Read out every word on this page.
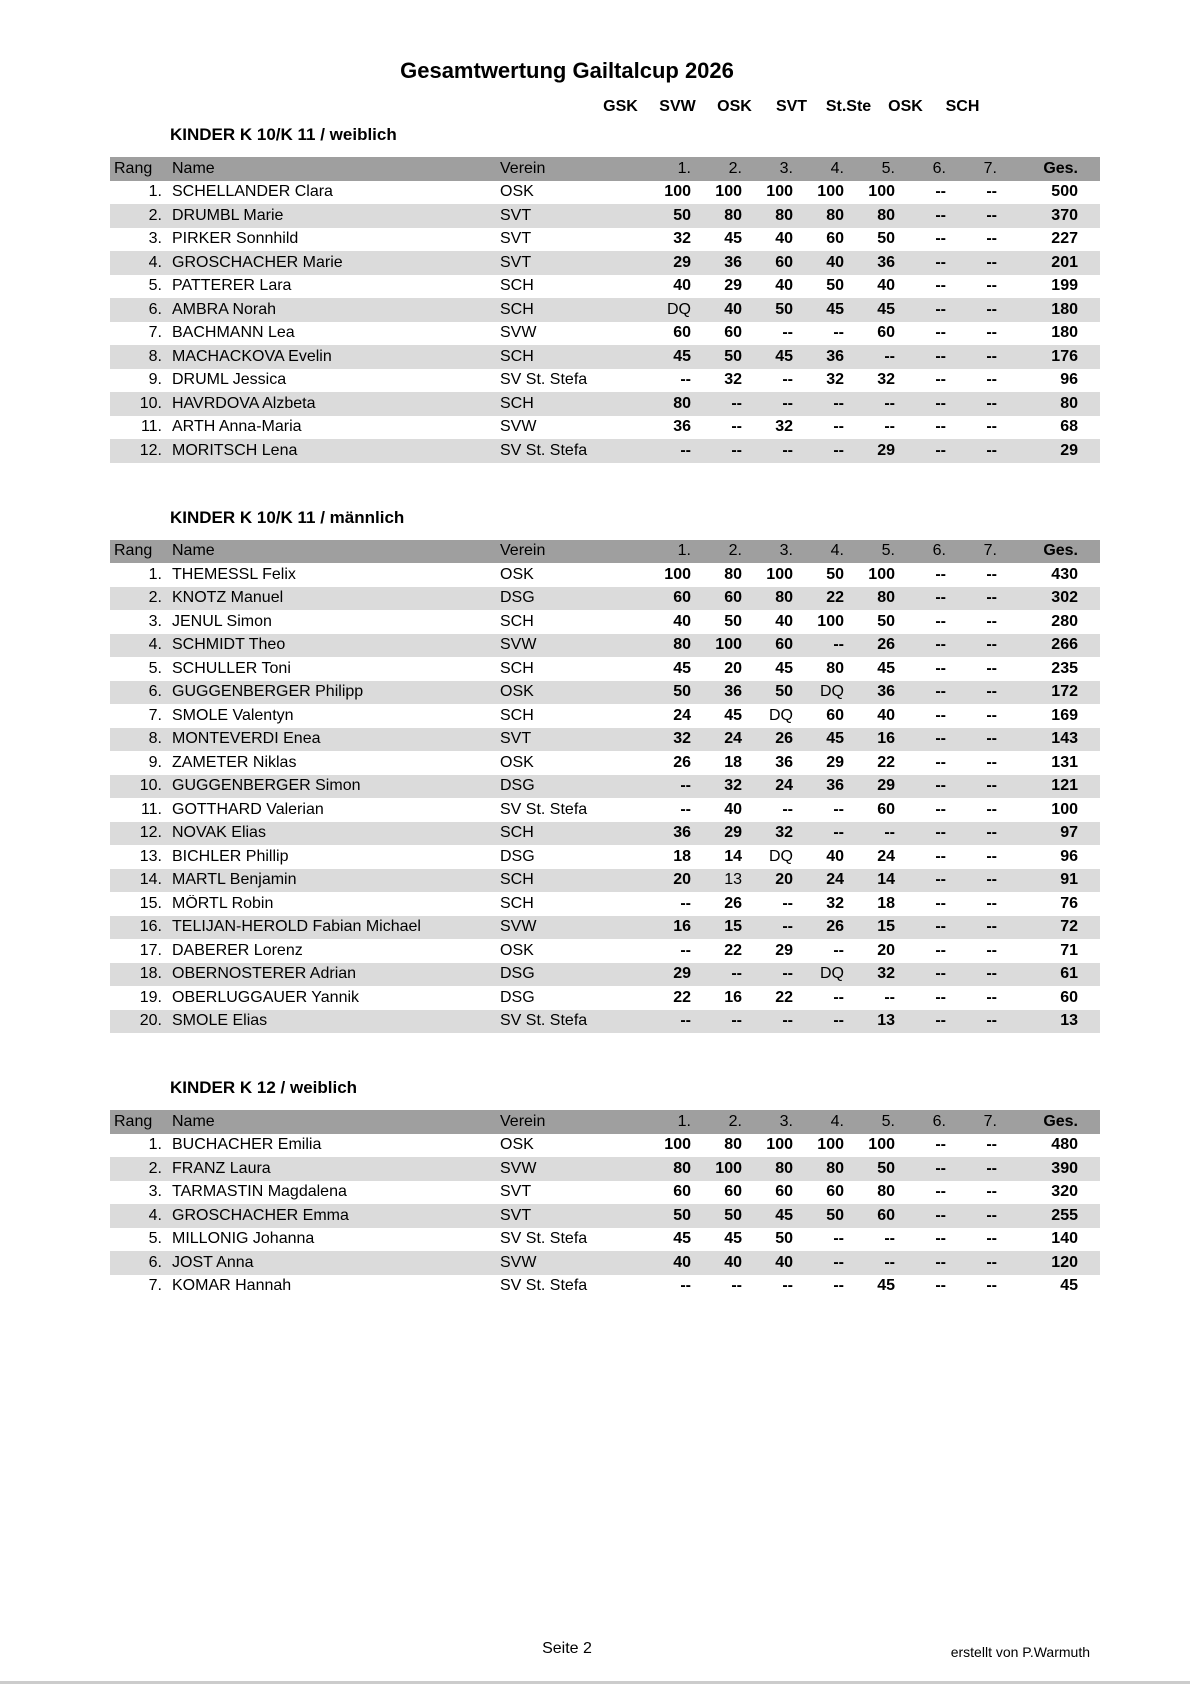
Gesamtwertung Gailtalcup 2026
GSK	SVW	OSK	SVT	St.Ste	OSK	SCH
KINDER K 10/K 11 / weiblich
Rang	Name	Verein	1.	2.	3.	4.	5.	6.	7.	Ges.
1. SCHELLANDER Clara	OSK	100	100	100	100	100	--	--	500
2. DRUMBL Marie	SVT	50	80	80	80	80	--	--	370
3. PIRKER Sonnhild	SVT	32	45	40	60	50	--	--	227
4. GROSCHACHER Marie	SVT	29	36	60	40	36	--	--	201
5. PATTERER Lara	SCH	40	29	40	50	40	--	--	199
6. AMBRA Norah	SCH	DQ	40	50	45	45	--	--	180
7. BACHMANN Lea	SVW	60	60	--	--	60	--	--	180
8. MACHACKOVA Evelin	SCH	45	50	45	36	--	--	--	176
9. DRUML Jessica	SV St. Stefa	--	32	--	32	32	--	--	96
10. HAVRDOVA Alzbeta	SCH	80	--	--	--	--	--	--	80
11. ARTH Anna-Maria	SVW	36	--	32	--	--	--	--	68
12. MORITSCH Lena	SV St. Stefa	--	--	--	--	29	--	--	29
KINDER K 10/K 11 / männlich
Rang	Name	Verein	1.	2.	3.	4.	5.	6.	7.	Ges.
1. THEMESSL Felix	OSK	100	80	100	50	100	--	--	430
2. KNOTZ Manuel	DSG	60	60	80	22	80	--	--	302
3. JENUL Simon	SCH	40	50	40	100	50	--	--	280
4. SCHMIDT Theo	SVW	80	100	60	--	26	--	--	266
5. SCHULLER Toni	SCH	45	20	45	80	45	--	--	235
6. GUGGENBERGER Philipp	OSK	50	36	50	DQ	36	--	--	172
7. SMOLE Valentyn	SCH	24	45	DQ	60	40	--	--	169
8. MONTEVERDI Enea	SVT	32	24	26	45	16	--	--	143
9. ZAMETER Niklas	OSK	26	18	36	29	22	--	--	131
10. GUGGENBERGER Simon	DSG	--	32	24	36	29	--	--	121
11. GOTTHARD Valerian	SV St. Stefa	--	40	--	--	60	--	--	100
12. NOVAK Elias	SCH	36	29	32	--	--	--	--	97
13. BICHLER Phillip	DSG	18	14	DQ	40	24	--	--	96
14. MARTL Benjamin	SCH	20	13	20	24	14	--	--	91
15. MÖRTL Robin	SCH	--	26	--	32	18	--	--	76
16. TELIJAN-HEROLD Fabian Michael	SVW	16	15	--	26	15	--	--	72
17. DABERER Lorenz	OSK	--	22	29	--	20	--	--	71
18. OBERNOSTERER Adrian	DSG	29	--	--	DQ	32	--	--	61
19. OBERLUGGAUER Yannik	DSG	22	16	22	--	--	--	--	60
20. SMOLE Elias	SV St. Stefa	--	--	--	--	13	--	--	13
KINDER K 12 / weiblich
Rang	Name	Verein	1.	2.	3.	4.	5.	6.	7.	Ges.
1. BUCHACHER Emilia	OSK	100	80	100	100	100	--	--	480
2. FRANZ Laura	SVW	80	100	80	80	50	--	--	390
3. TARMASTIN Magdalena	SVT	60	60	60	60	80	--	--	320
4. GROSCHACHER Emma	SVT	50	50	45	50	60	--	--	255
5. MILLONIG Johanna	SV St. Stefa	45	45	50	--	--	--	--	140
6. JOST Anna	SVW	40	40	40	--	--	--	--	120
7. KOMAR Hannah	SV St. Stefa	--	--	--	--	45	--	--	45
Seite 2	erstellt von P.Warmuth
